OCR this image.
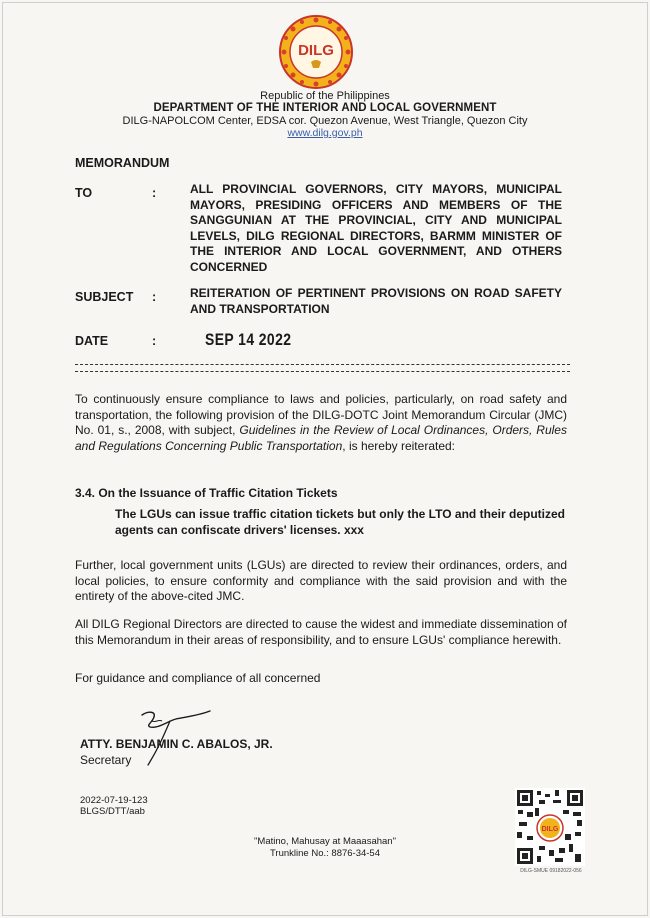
DILG
Republic of the Philippines
DEPARTMENT OF THE INTERIOR AND LOCAL GOVERNMENT
DILG-NAPOLCOM Center, EDSA cor. Quezon Avenue, West Triangle, Quezon City
www.dilg.gov.ph
MEMORANDUM
TO	:	ALL PROVINCIAL GOVERNORS, CITY MAYORS, MUNICIPAL MAYORS, PRESIDING OFFICERS AND MEMBERS OF THE SANGGUNIAN AT THE PROVINCIAL, CITY AND MUNICIPAL LEVELS, DILG REGIONAL DIRECTORS, BARMM MINISTER OF THE INTERIOR AND LOCAL GOVERNMENT, AND OTHERS CONCERNED
SUBJECT :	REITERATION OF PERTINENT PROVISIONS ON ROAD SAFETY AND TRANSPORTATION
DATE	:	SEP 14 2022
To continuously ensure compliance to laws and policies, particularly, on road safety and transportation, the following provision of the DILG-DOTC Joint Memorandum Circular (JMC) No. 01, s., 2008, with subject, Guidelines in the Review of Local Ordinances, Orders, Rules and Regulations Concerning Public Transportation, is hereby reiterated:
3.4. On the Issuance of Traffic Citation Tickets
The LGUs can issue traffic citation tickets but only the LTO and their deputized agents can confiscate drivers' licenses. xxx
Further, local government units (LGUs) are directed to review their ordinances, orders, and local policies, to ensure conformity and compliance with the said provision and with the entirety of the above-cited JMC.
All DILG Regional Directors are directed to cause the widest and immediate dissemination of this Memorandum in their areas of responsibility, and to ensure LGUs' compliance herewith.
For guidance and compliance of all concerned
ATTY. BENJAMIN C. ABALOS, JR.
Secretary
2022-07-19-123
BLGS/DTT/aab
"Matino, Mahusay at Maaasahan"
Trunkline No.: 8876-34-54
DILG
DILG-SMUE 09182022-056
